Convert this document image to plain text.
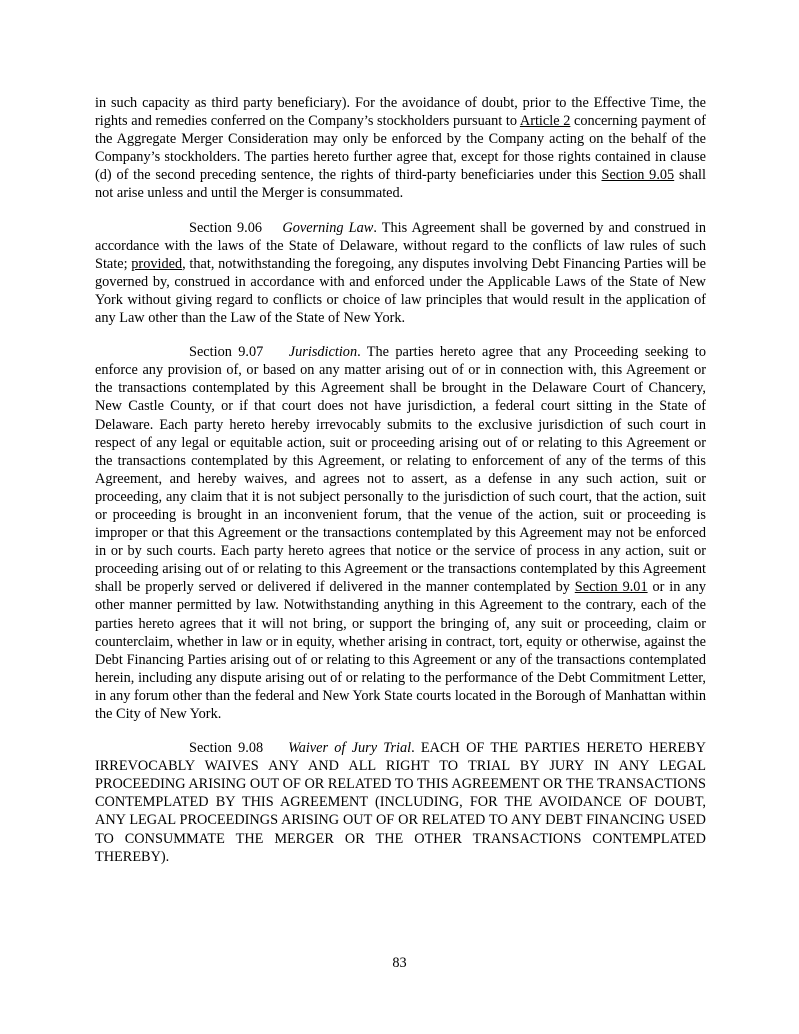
in such capacity as third party beneficiary). For the avoidance of doubt, prior to the Effective Time, the rights and remedies conferred on the Company’s stockholders pursuant to Article 2 concerning payment of the Aggregate Merger Consideration may only be enforced by the Company acting on the behalf of the Company’s stockholders. The parties hereto further agree that, except for those rights contained in clause (d) of the second preceding sentence, the rights of third-party beneficiaries under this Section 9.05 shall not arise unless and until the Merger is consummated.

Section 9.06 Governing Law. This Agreement shall be governed by and construed in accordance with the laws of the State of Delaware, without regard to the conflicts of law rules of such State; provided, that, notwithstanding the foregoing, any disputes involving Debt Financing Parties will be governed by, construed in accordance with and enforced under the Applicable Laws of the State of New York without giving regard to conflicts or choice of law principles that would result in the application of any Law other than the Law of the State of New York.

Section 9.07 Jurisdiction. The parties hereto agree that any Proceeding seeking to enforce any provision of, or based on any matter arising out of or in connection with, this Agreement or the transactions contemplated by this Agreement shall be brought in the Delaware Court of Chancery, New Castle County, or if that court does not have jurisdiction, a federal court sitting in the State of Delaware. Each party hereto hereby irrevocably submits to the exclusive jurisdiction of such court in respect of any legal or equitable action, suit or proceeding arising out of or relating to this Agreement or the transactions contemplated by this Agreement, or relating to enforcement of any of the terms of this Agreement, and hereby waives, and agrees not to assert, as a defense in any such action, suit or proceeding, any claim that it is not subject personally to the jurisdiction of such court, that the action, suit or proceeding is brought in an inconvenient forum, that the venue of the action, suit or proceeding is improper or that this Agreement or the transactions contemplated by this Agreement may not be enforced in or by such courts. Each party hereto agrees that notice or the service of process in any action, suit or proceeding arising out of or relating to this Agreement or the transactions contemplated by this Agreement shall be properly served or delivered if delivered in the manner contemplated by Section 9.01 or in any other manner permitted by law. Notwithstanding anything in this Agreement to the contrary, each of the parties hereto agrees that it will not bring, or support the bringing of, any suit or proceeding, claim or counterclaim, whether in law or in equity, whether arising in contract, tort, equity or otherwise, against the Debt Financing Parties arising out of or relating to this Agreement or any of the transactions contemplated herein, including any dispute arising out of or relating to the performance of the Debt Commitment Letter, in any forum other than the federal and New York State courts located in the Borough of Manhattan within the City of New York.

Section 9.08 Waiver of Jury Trial. EACH OF THE PARTIES HERETO HEREBY IRREVOCABLY WAIVES ANY AND ALL RIGHT TO TRIAL BY JURY IN ANY LEGAL PROCEEDING ARISING OUT OF OR RELATED TO THIS AGREEMENT OR THE TRANSACTIONS CONTEMPLATED BY THIS AGREEMENT (INCLUDING, FOR THE AVOIDANCE OF DOUBT, ANY LEGAL PROCEEDINGS ARISING OUT OF OR RELATED TO ANY DEBT FINANCING USED TO CONSUMMATE THE MERGER OR THE OTHER TRANSACTIONS CONTEMPLATED THEREBY).

83
